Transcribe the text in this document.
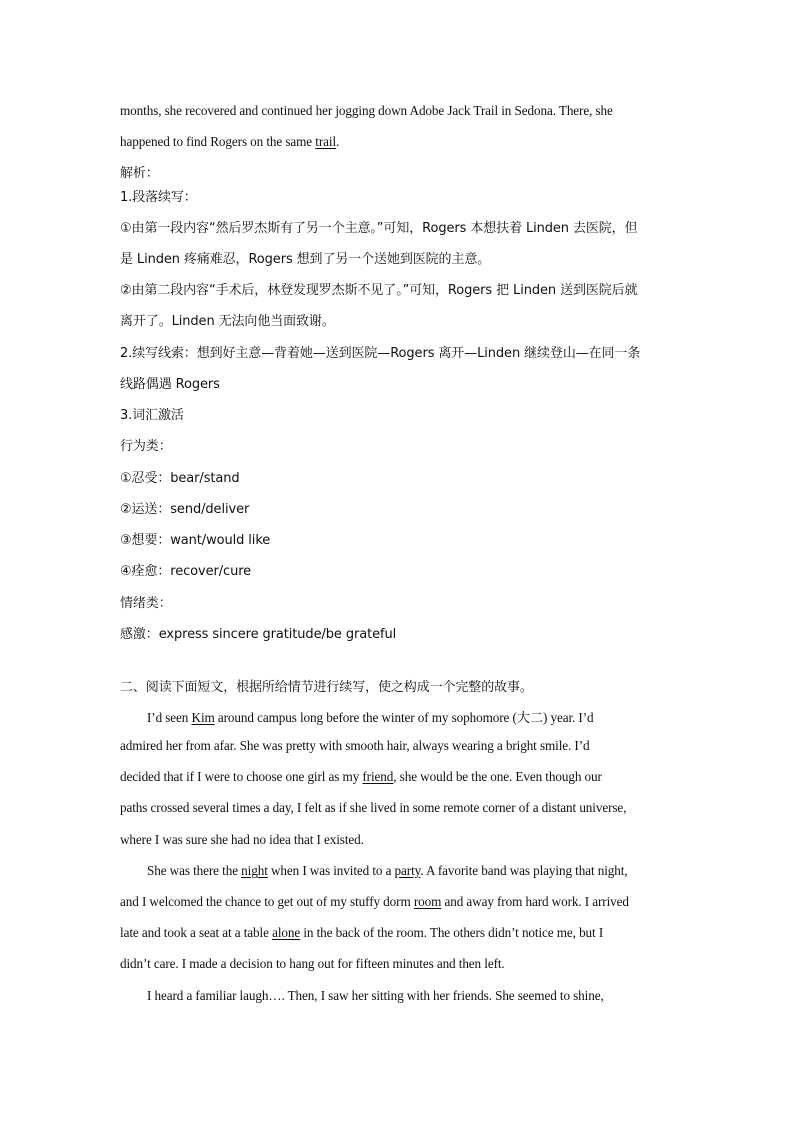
months, she recovered and continued her jogging down Adobe Jack Trail in Sedona. There, she
happened to find Rogers on the same trail.
解析：
1.段落续写：
①由第一段内容“然后罗杰斯有了另一个主意。”可知，Rogers 本想扶着 Linden 去医院，但
是 Linden 疼痛难忍，Rogers 想到了另一个送她到医院的主意。
②由第二段内容“手术后，林登发现罗杰斯不见了。”可知，Rogers 把 Linden 送到医院后就
离开了。Linden 无法向他当面致谢。
2.续写线索：想到好主意—背着她—送到医院—Rogers 离开—Linden 继续登山—在同一条
线路偶遇 Rogers
3.词汇激活
行为类：
①忍受：bear/stand
②运送：send/deliver
③想要：want/would like
④痊愈：recover/cure
情绪类：
感激：express sincere gratitude/be grateful
二、阅读下面短文，根据所给情节进行续写，使之构成一个完整的故事。
I’d seen Kim around campus long before the winter of my sophomore (大二) year. I’d
admired her from afar. She was pretty with smooth hair, always wearing a bright smile. I’d
decided that if I were to choose one girl as my friend, she would be the one. Even though our
paths crossed several times a day, I felt as if she lived in some remote corner of a distant universe,
where I was sure she had no idea that I existed.
She was there the night when I was invited to a party. A favorite band was playing that night,
and I welcomed the chance to get out of my stuffy dorm room and away from hard work. I arrived
late and took a seat at a table alone in the back of the room. The others didn’t notice me, but I
didn’t care. I made a decision to hang out for fifteen minutes and then left.
I heard a familiar laugh…. Then, I saw her sitting with her friends. She seemed to shine,
